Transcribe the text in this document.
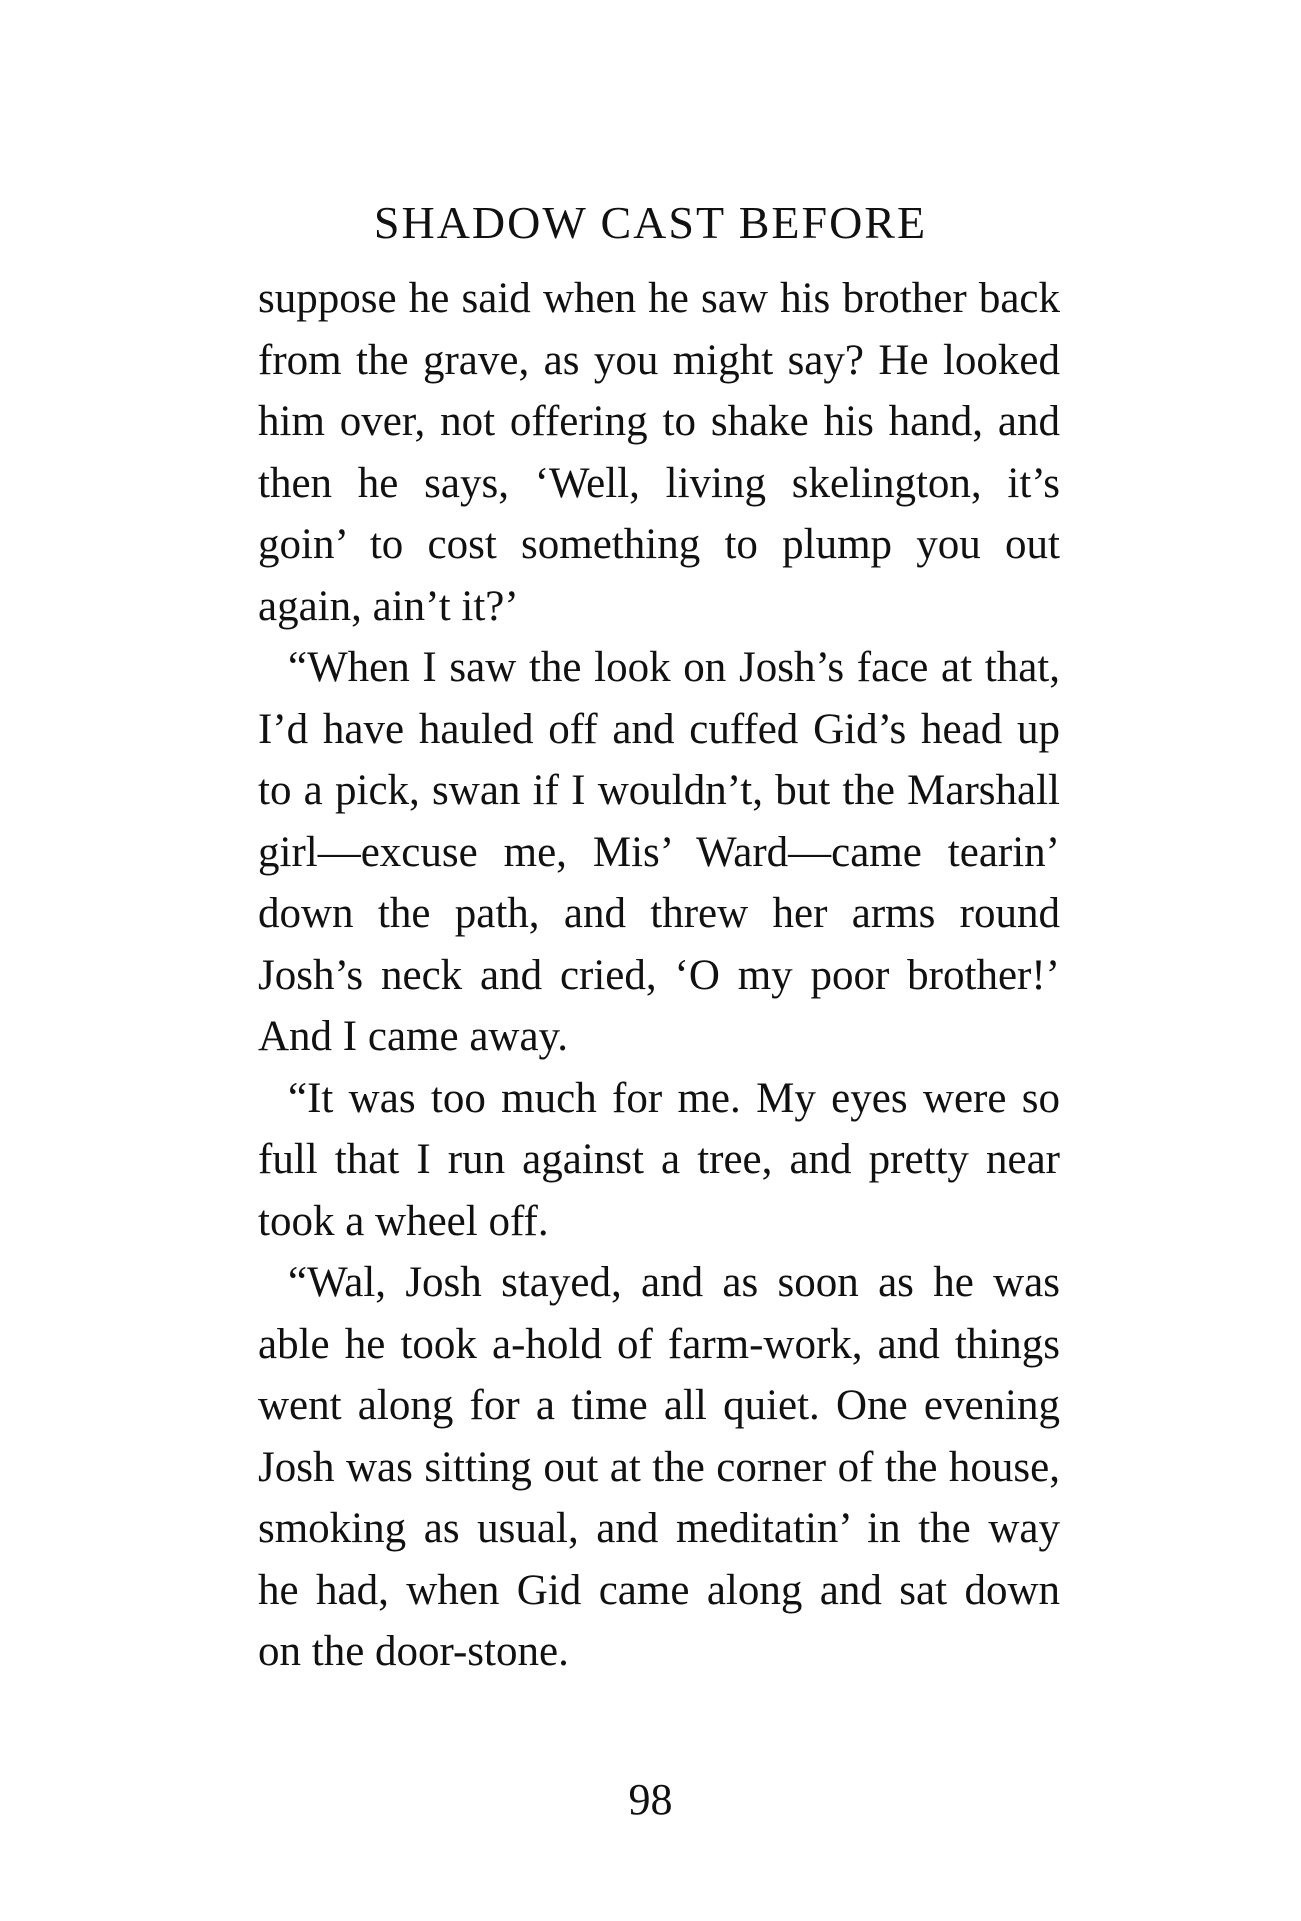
SHADOW CAST BEFORE

suppose he said when he saw his brother back from the grave, as you might say? He looked him over, not offering to shake his hand, and then he says, ‘Well, living skelington, it’s goin’ to cost something to plump you out again, ain’t it?’

“When I saw the look on Josh’s face at that, I’d have hauled off and cuffed Gid’s head up to a pick, swan if I wouldn’t, but the Marshall girl—excuse me, Mis’ Ward—came tearin’ down the path, and threw her arms round Josh’s neck and cried, ‘O my poor brother!’ And I came away.

“It was too much for me. My eyes were so full that I run against a tree, and pretty near took a wheel off.

“Wal, Josh stayed, and as soon as he was able he took a-hold of farm-work, and things went along for a time all quiet. One evening Josh was sitting out at the corner of the house, smoking as usual, and meditatin’ in the way he had, when Gid came along and sat down on the door-stone.

98
